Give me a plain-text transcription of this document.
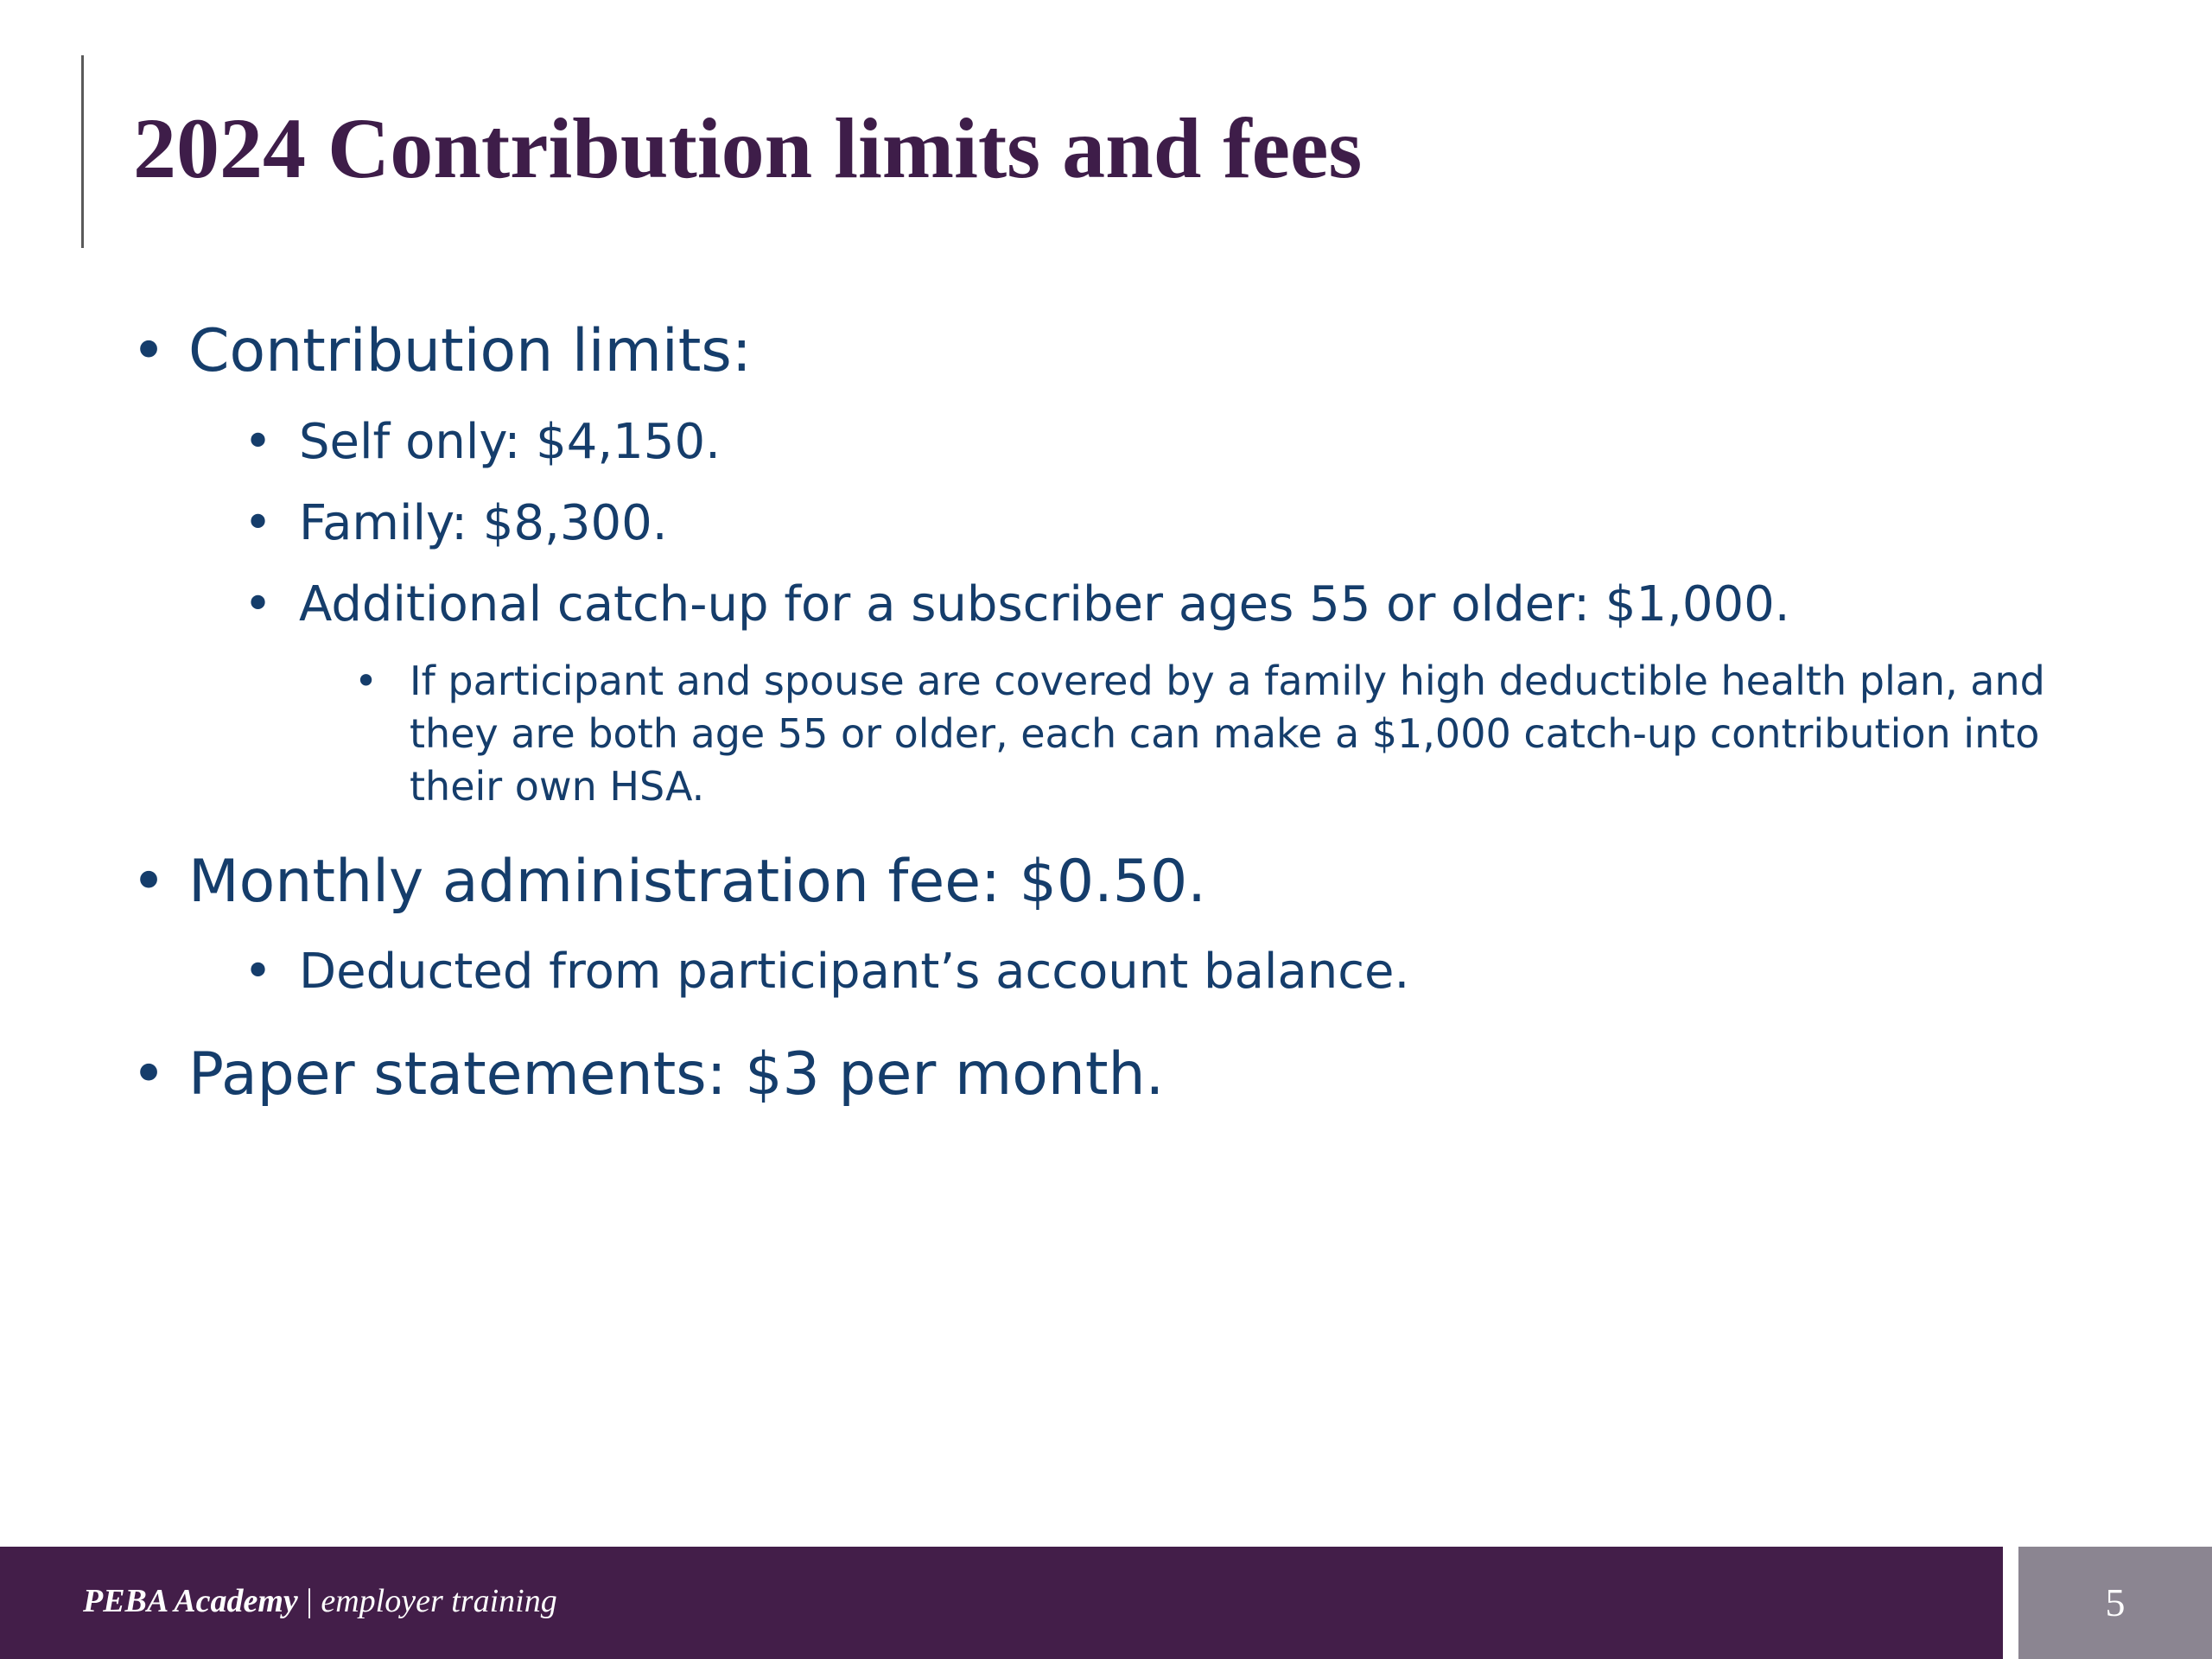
2024 Contribution limits and fees
• Contribution limits:
• Self only: $4,150.
• Family: $8,300.
• Additional catch-up for a subscriber ages 55 or older: $1,000.
• If participant and spouse are covered by a family high deductible health plan, and they are both age 55 or older, each can make a $1,000 catch-up contribution into their own HSA.
• Monthly administration fee: $0.50.
• Deducted from participant’s account balance.
• Paper statements: $3 per month.
PEBA Academy | employer training	5
